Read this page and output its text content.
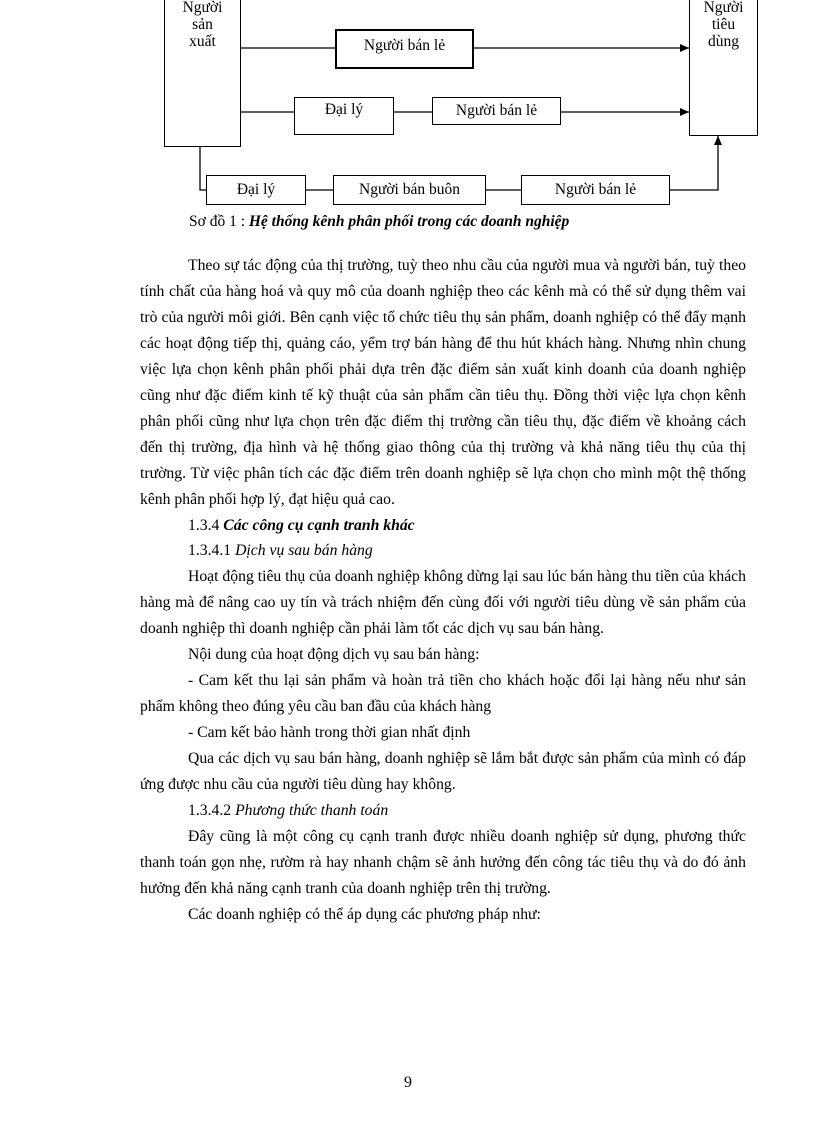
Người
sản
xuất
Người
tiêu
dùng
Người bán lẻ
Đại lý	Người bán lẻ
Đại lý	Người bán buôn	Người bán lẻ
Sơ đồ 1 : Hệ thống kênh phân phối trong các doanh nghiệp

Theo sự tác động của thị trường, tuỳ theo nhu cầu của người mua và người bán, tuỳ theo tính chất của hàng hoá và quy mô của doanh nghiệp theo các kênh mà có thể sử dụng thêm vai trò của người môi giới. Bên cạnh việc tổ chức tiêu thụ sản phẩm, doanh nghiệp có thể đẩy mạnh các hoạt động tiếp thị, quảng cáo, yểm trợ bán hàng để thu hút khách hàng. Nhưng nhìn chung việc lựa chọn kênh phân phối phải dựa trên đặc điểm sản xuất kinh doanh của doanh nghiệp cũng như đặc điểm kinh tế kỹ thuật của sản phẩm cần tiêu thụ. Đồng thời việc lựa chọn kênh phân phối cũng như lựa chọn trên đặc điểm thị trường cần tiêu thụ, đặc điểm về khoảng cách đến thị trường, địa hình và hệ thống giao thông của thị trường và khả năng tiêu thụ của thị trường. Từ việc phân tích các đặc điểm trên doanh nghiệp sẽ lựa chọn cho mình một thệ thống kênh phân phối hợp lý, đạt hiệu quả cao.

1.3.4 Các công cụ cạnh tranh khác

1.3.4.1 Dịch vụ sau bán hàng

Hoạt động tiêu thụ của doanh nghiệp không dừng lại sau lúc bán hàng thu tiền của khách hàng mà để nâng cao uy tín và trách nhiệm đến cùng đối với người tiêu dùng về sản phẩm của doanh nghiệp thì doanh nghiệp cần phải làm tốt các dịch vụ sau bán hàng.

Nội dung của hoạt động dịch vụ sau bán hàng:

- Cam kết thu lại sản phẩm và hoàn trả tiền cho khách hoặc đổi lại hàng nếu như sản phẩm không theo đúng yêu cầu ban đầu của khách hàng

- Cam kết bảo hành trong thời gian nhất định

Qua các dịch vụ sau bán hàng, doanh nghiệp sẽ lắm bắt được sản phẩm của mình có đáp ứng được nhu cầu của người tiêu dùng hay không.

1.3.4.2 Phương thức thanh toán

Đây cũng là một công cụ cạnh tranh được nhiều doanh nghiệp sử dụng, phương thức thanh toán gọn nhẹ, rườm rà hay nhanh chậm sẽ ảnh hưởng đến công tác tiêu thụ và do đó ảnh hưởng đến khả năng cạnh tranh của doanh nghiệp trên thị trường.

Các doanh nghiệp có thể áp dụng các phương pháp như:

9
